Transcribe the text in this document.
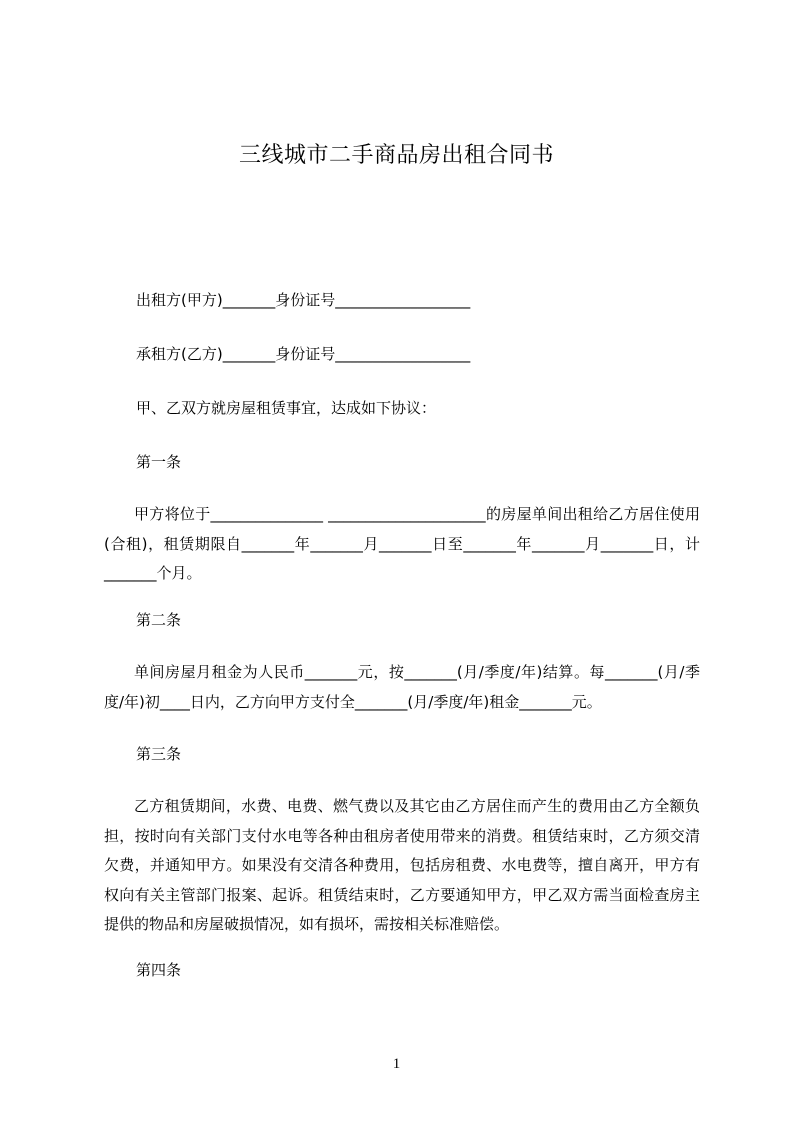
三线城市二手商品房出租合同书
出租方(甲方)_______身份证号__________________
承租方(乙方)_______身份证号__________________
甲、乙双方就房屋租赁事宜，达成如下协议：
第一条
甲方将位于_______________ _____________________的房屋单间出租给乙方居住使用(合租)，租赁期限自_______年_______月_______日至_______年_______月_______日，计_______个月。
第二条
单间房屋月租金为人民币_______元，按_______(月/季度/年)结算。每_______(月/季度/年)初____日内，乙方向甲方支付全_______(月/季度/年)租金_______元。
第三条
乙方租赁期间，水费、电费、燃气费以及其它由乙方居住而产生的费用由乙方全额负担，按时向有关部门支付水电等各种由租房者使用带来的消费。租赁结束时，乙方须交清欠费，并通知甲方。如果没有交清各种费用，包括房租费、水电费等，擅自离开，甲方有权向有关主管部门报案、起诉。租赁结束时，乙方要通知甲方，甲乙双方需当面检查房主提供的物品和房屋破损情况，如有损坏，需按相关标准赔偿。
第四条
1
